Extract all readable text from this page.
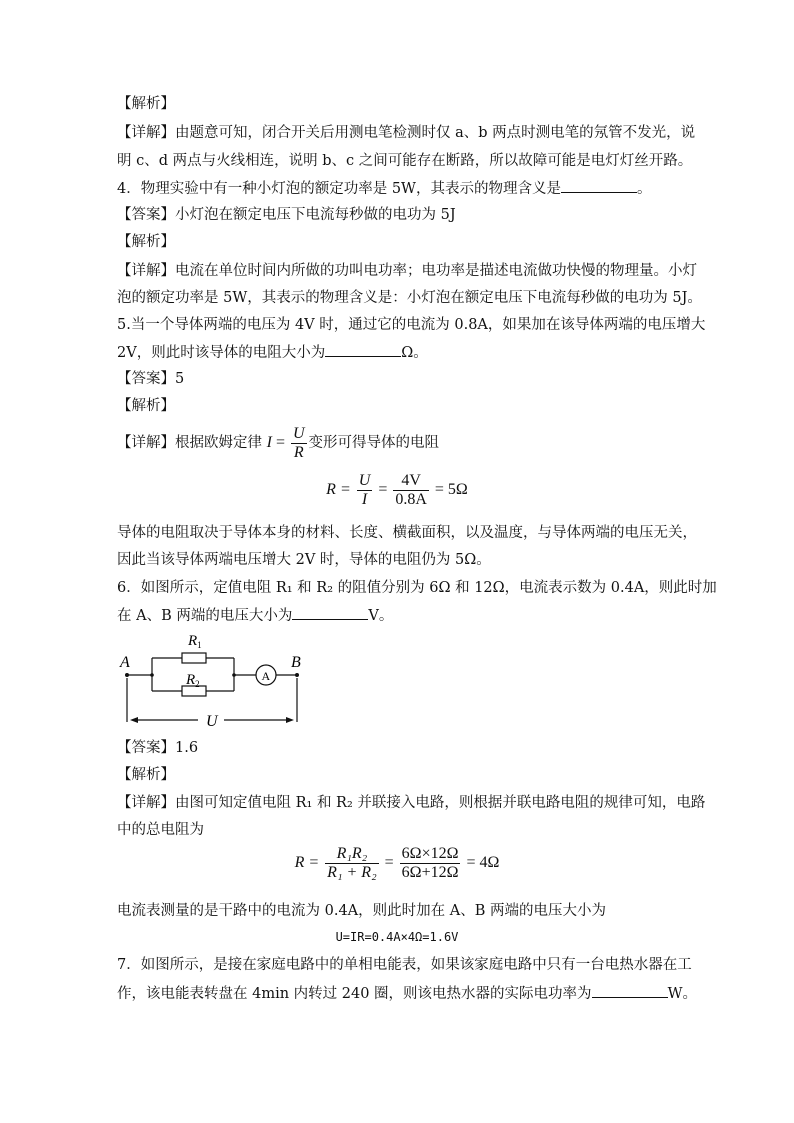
【解析】
【详解】由题意可知，闭合开关后用测电笔检测时仅 a、b 两点时测电笔的氖管不发光，说
明 c、d 两点与火线相连，说明 b、c 之间可能存在断路，所以故障可能是电灯灯丝开路。
4．物理实验中有一种小灯泡的额定功率是 5W，其表示的物理含义是	。
【答案】小灯泡在额定电压下电流每秒做的电功为 5J
【解析】
【详解】电流在单位时间内所做的功叫电功率；电功率是描述电流做功快慢的物理量。小灯
泡的额定功率是 5W，其表示的物理含义是：小灯泡在额定电压下电流每秒做的电功为 5J。
5.当一个导体两端的电压为 4V 时，通过它的电流为 0.8A，如果加在该导体两端的电压增大
2V，则此时该导体的电阻大小为	Ω。
【答案】5
【解析】
【详解】根据欧姆定律 $I = \frac{U}{R}$ 变形可得导体的电阻
$R = \frac{U}{I} = \frac{4V}{0.8A} = 5\Omega$
导体的电阻取决于导体本身的材料、长度、横截面积，以及温度，与导体两端的电压无关，
因此当该导体两端电压增大 2V 时，导体的电阻仍为 5Ω。
6．如图所示，定值电阻 R₁ 和 R₂ 的阻值分别为 6Ω 和 12Ω，电流表示数为 0.4A，则此时加
在 A、B 两端的电压大小为	V。
A	B
$R_1$
$R_2$
A
U
【答案】1.6
【解析】
【详解】由图可知定值电阻 R₁ 和 R₂ 并联接入电路，则根据并联电路电阻的规律可知，电路
中的总电阻为
$R = \frac{\text{R₁R₂}}{\text{R₁ + R₂}} = \frac{6\Omega\times 12\Omega}{6\Omega+12\Omega} = 4\Omega$
电流表测量的是干路中的电流为 0.4A，则此时加在 A、B 两端的电压大小为
U=IR=0.4A×4Ω=1.6V
7．如图所示，是接在家庭电路中的单相电能表，如果该家庭电路中只有一台电热水器在工
作，该电能表转盘在 4min 内转过 240 圈，则该电热水器的实际电功率为	W。
